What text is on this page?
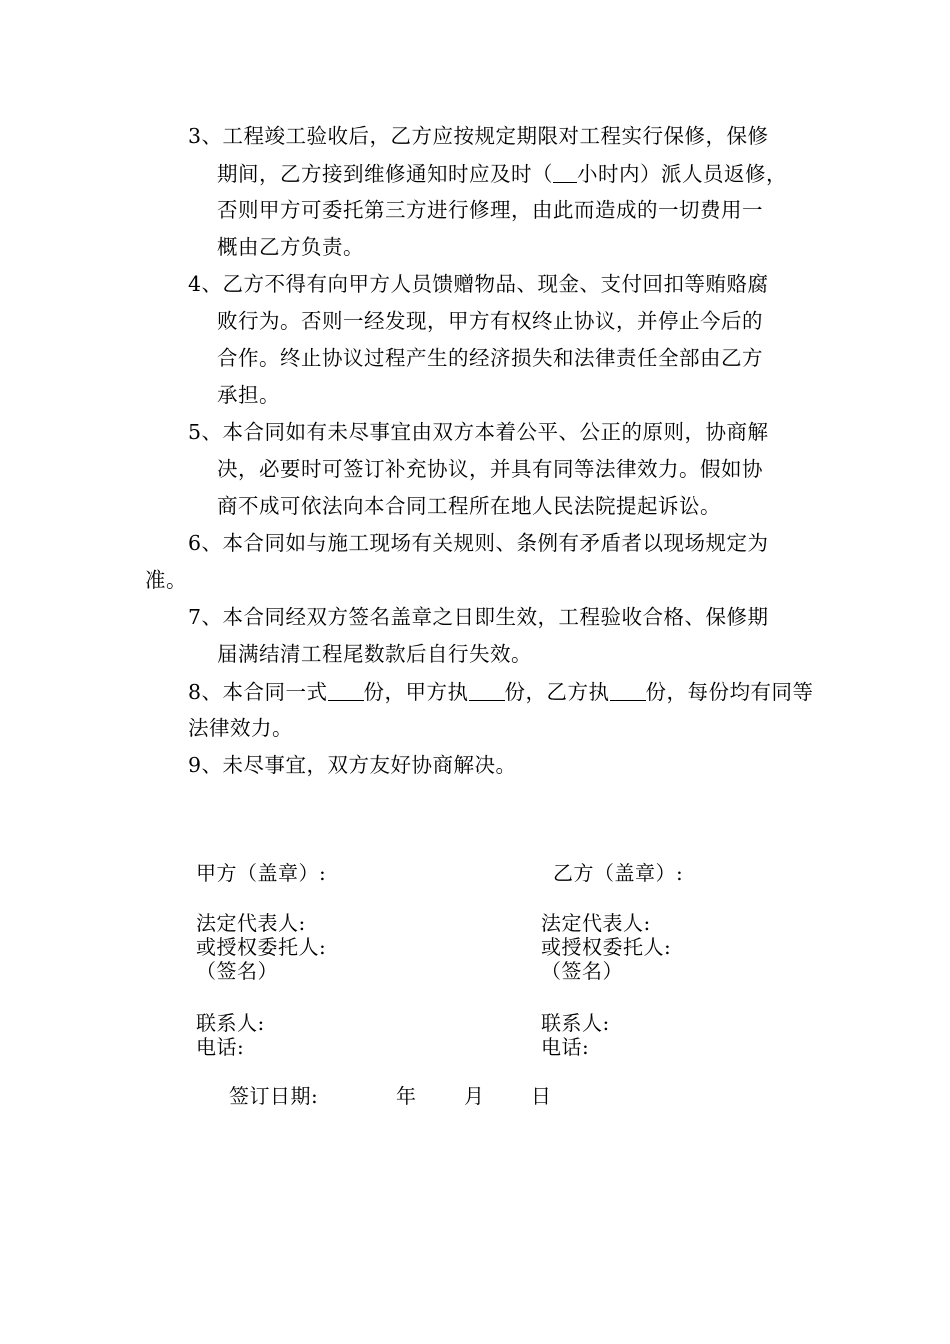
3、工程竣工验收后，乙方应按规定期限对工程实行保修，保修
期间，乙方接到维修通知时应及时（ 小时内）派人员返修，
否则甲方可委托第三方进行修理，由此而造成的一切费用一
概由乙方负责。
4、乙方不得有向甲方人员馈赠物品、现金、支付回扣等贿赂腐
败行为。否则一经发现，甲方有权终止协议，并停止今后的
合作。终止协议过程产生的经济损失和法律责任全部由乙方
承担。
5、本合同如有未尽事宜由双方本着公平、公正的原则，协商解
决，必要时可签订补充协议，并具有同等法律效力。假如协
商不成可依法向本合同工程所在地人民法院提起诉讼。
6、本合同如与施工现场有关规则、条例有矛盾者以现场规定为
准。
7、本合同经双方签名盖章之日即生效，工程验收合格、保修期
届满结清工程尾数款后自行失效。
8、本合同一式 份，甲方执 份，乙方执 份，每份均有同等
法律效力。
9、未尽事宜，双方友好协商解决。
甲方（盖章）:
法定代表人:
或授权委托人:
（签名）
联系人:
电话:
乙方（盖章）:
法定代表人:
或授权委托人:
（签名）
联系人:
电话:
签订日期:	年 月 日
